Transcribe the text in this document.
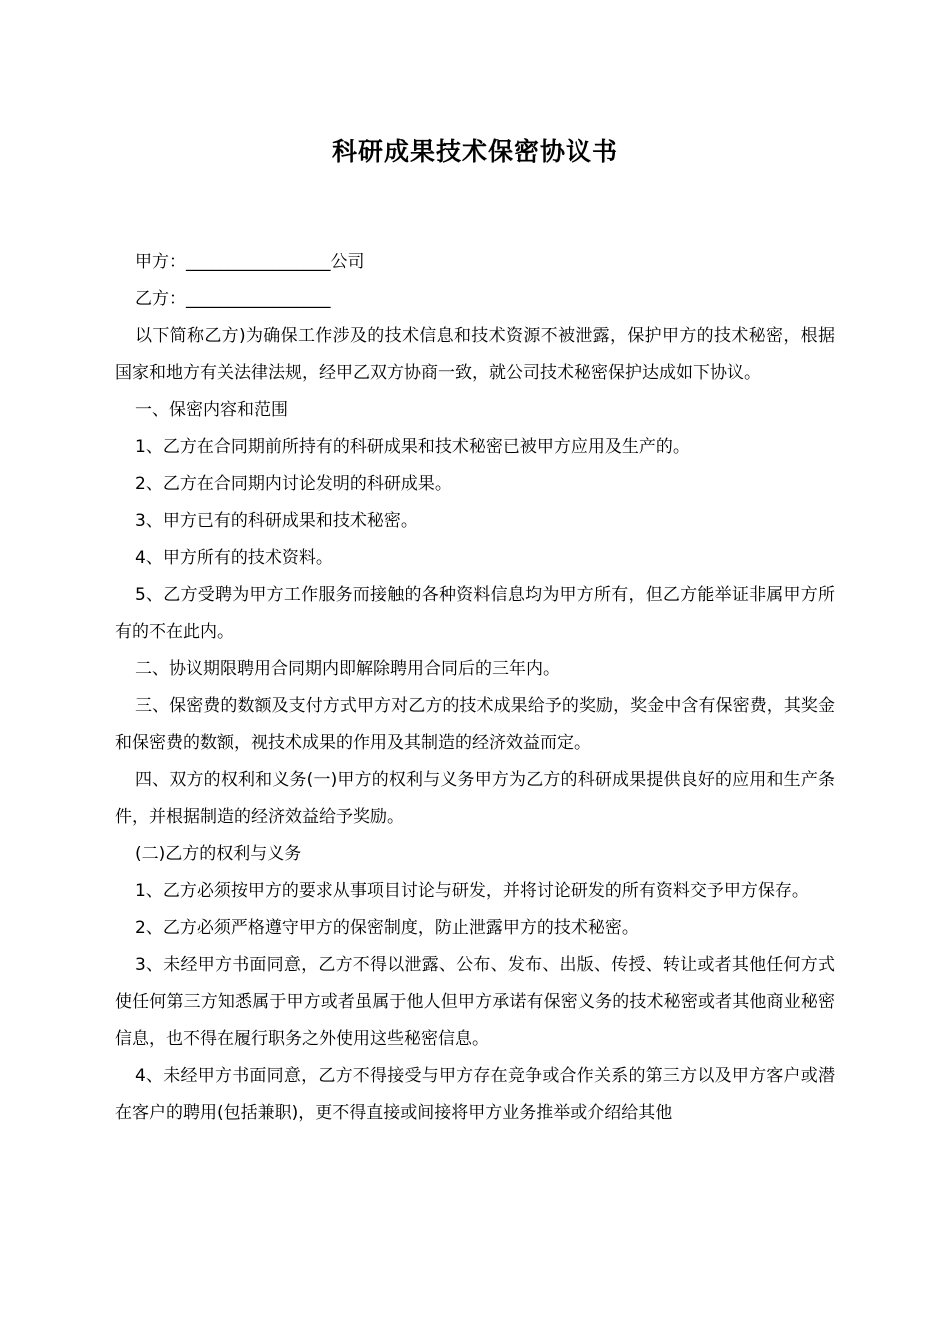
科研成果技术保密协议书

甲方：_________________公司

乙方：_________________

以下简称乙方)为确保工作涉及的技术信息和技术资源不被泄露，保护甲方的技术秘密，根据国家和地方有关法律法规，经甲乙双方协商一致，就公司技术秘密保护达成如下协议。

一、保密内容和范围

1、乙方在合同期前所持有的科研成果和技术秘密已被甲方应用及生产的。

2、乙方在合同期内讨论发明的科研成果。

3、甲方已有的科研成果和技术秘密。

4、甲方所有的技术资料。

5、乙方受聘为甲方工作服务而接触的各种资料信息均为甲方所有，但乙方能举证非属甲方所有的不在此内。

二、协议期限聘用合同期内即解除聘用合同后的三年内。

三、保密费的数额及支付方式甲方对乙方的技术成果给予的奖励，奖金中含有保密费，其奖金和保密费的数额，视技术成果的作用及其制造的经济效益而定。

四、双方的权利和义务(一)甲方的权利与义务甲方为乙方的科研成果提供良好的应用和生产条件，并根据制造的经济效益给予奖励。

(二)乙方的权利与义务

1、乙方必须按甲方的要求从事项目讨论与研发，并将讨论研发的所有资料交予甲方保存。

2、乙方必须严格遵守甲方的保密制度，防止泄露甲方的技术秘密。

3、未经甲方书面同意，乙方不得以泄露、公布、发布、出版、传授、转让或者其他任何方式使任何第三方知悉属于甲方或者虽属于他人但甲方承诺有保密义务的技术秘密或者其他商业秘密信息，也不得在履行职务之外使用这些秘密信息。

4、未经甲方书面同意，乙方不得接受与甲方存在竞争或合作关系的第三方以及甲方客户或潜在客户的聘用(包括兼职)，更不得直接或间接将甲方业务推举或介绍给其他
